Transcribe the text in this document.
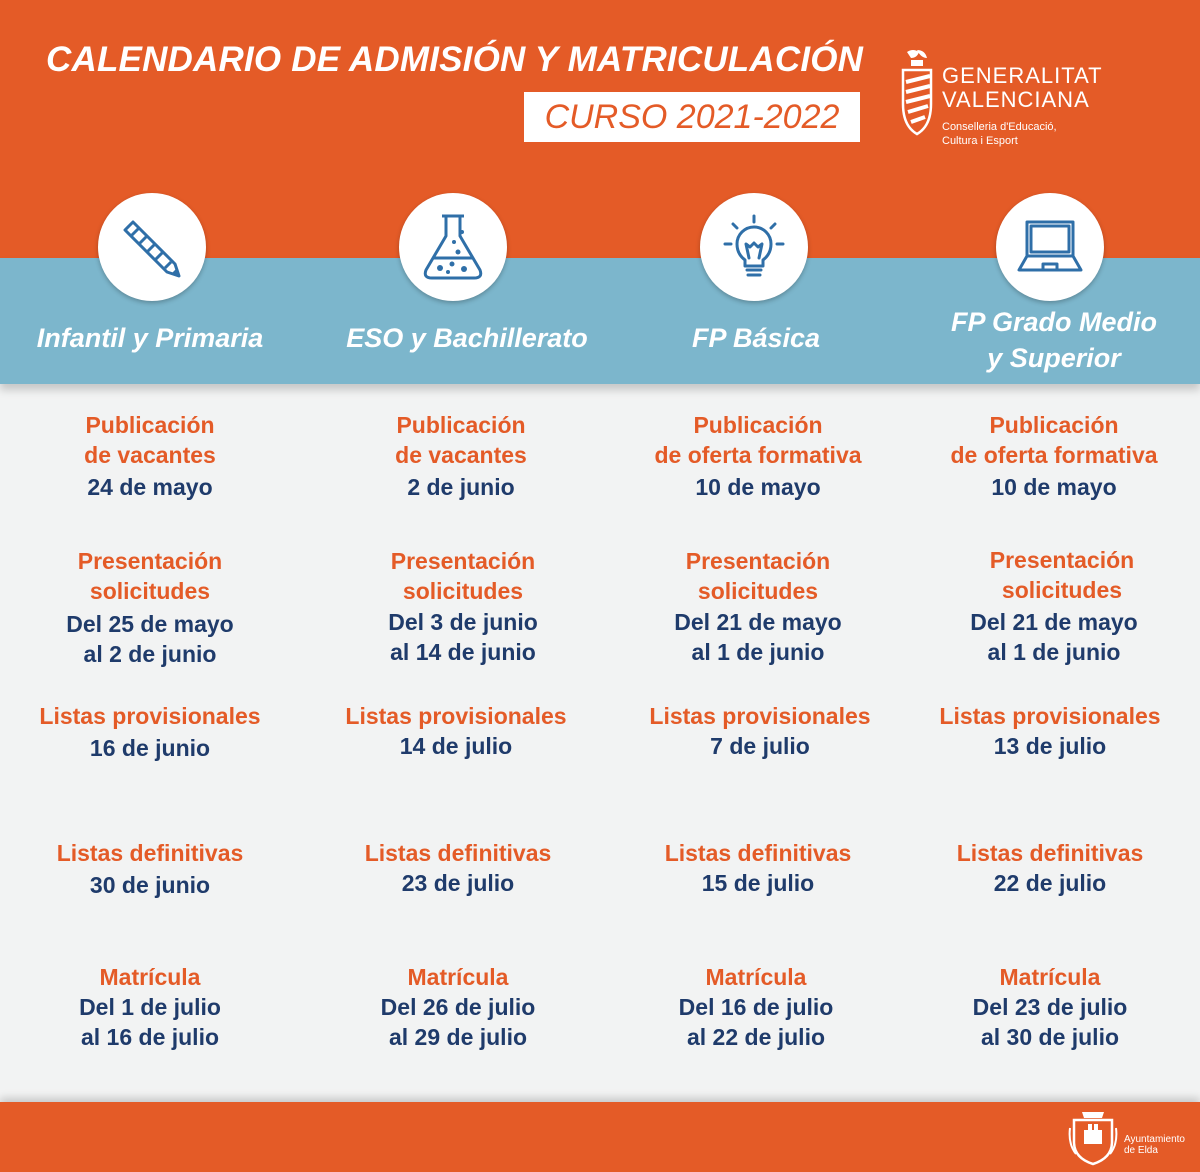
CALENDARIO DE ADMISIÓN Y MATRICULACIÓN
CURSO 2021-2022
GENERALITAT
VALENCIANA
Conselleria d'Educació,
Cultura i Esport
Infantil y Primaria
Publicación
de vacantes
24 de mayo
Presentación
solicitudes
Del 25 de mayo
al 2 de junio
Listas provisionales
16 de junio
Listas definitivas
30 de junio
Matrícula
Del 1 de julio
al 16 de julio
ESO y Bachillerato
Publicación
de vacantes
2 de junio
Presentación
solicitudes
Del 3 de junio
al 14 de junio
Listas provisionales
14 de julio
Listas definitivas
23 de julio
Matrícula
Del 26 de julio
al 29 de julio
FP Básica
Publicación
de oferta formativa
10 de mayo
Presentación
solicitudes
Del 21 de mayo
al 1 de junio
Listas provisionales
7 de julio
Listas definitivas
15 de julio
Matrícula
Del 16 de julio
al 22 de julio
FP Grado Medio
y Superior
Publicación
de oferta formativa
10 de mayo
Presentación
solicitudes
Del 21 de mayo
al 1 de junio
Listas provisionales
13 de julio
Listas definitivas
22 de julio
Matrícula
Del 23 de julio
al 30 de julio
Ayuntamiento
de Elda
